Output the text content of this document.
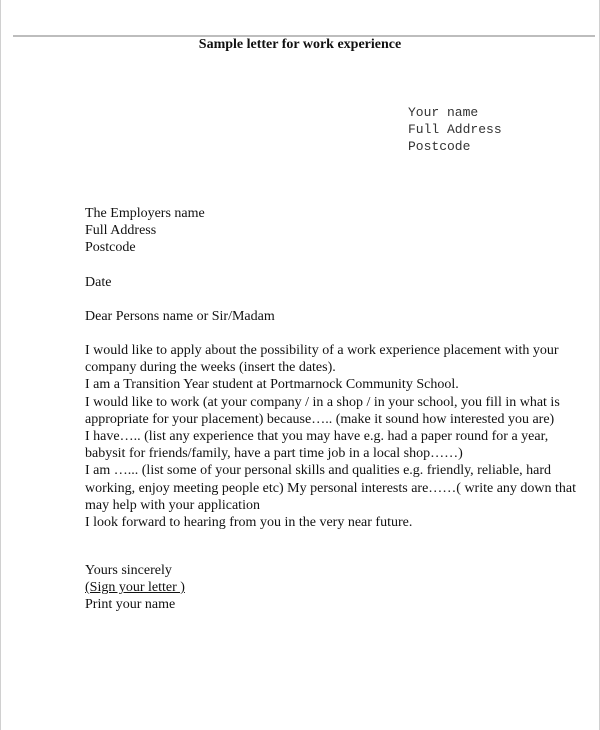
Sample letter for work experience
Your name
Full Address
Postcode
The Employers name
Full Address
Postcode
Date
Dear Persons name or Sir/Madam
I would like to apply about the possibility of a work experience placement with your
company during the weeks (insert the dates).
I am a Transition Year student at Portmarnock Community School.
I would like to work (at your company / in a shop / in your school, you fill in what is
appropriate for your placement) because….. (make it sound how interested you are)
I have….. (list any experience that you may have e.g. had a paper round for a year,
babysit for friends/family, have a part time job in a local shop……)
I am …... (list some of your personal skills and qualities e.g. friendly, reliable, hard
working, enjoy meeting people etc) My personal interests are……( write any down that
may help with your application
I look forward to hearing from you in the very near future.
Yours sincerely
(Sign your letter )
Print your name
